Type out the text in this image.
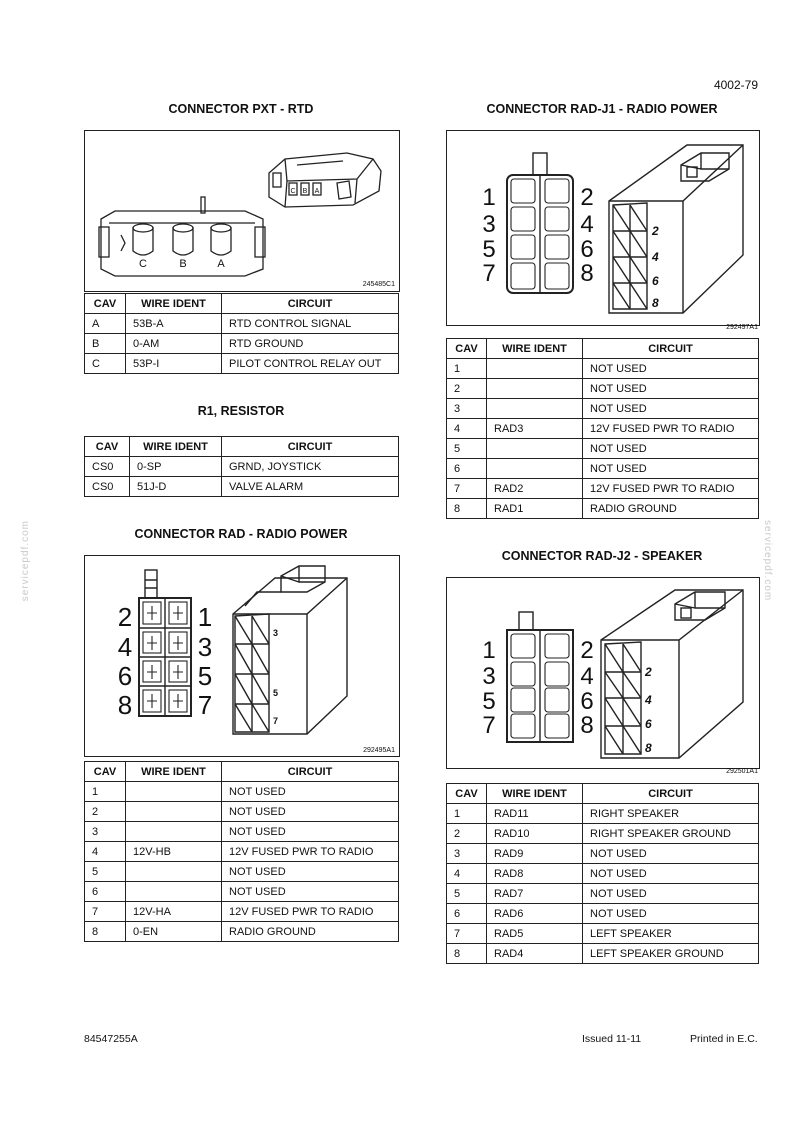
4002-79
servicepdf.com	servicepdf.com
CONNECTOR PXT - RTD
C	B	A
C B A
245485C1
CAV	WIRE IDENT	CIRCUIT
A	53B-A	RTD CONTROL SIGNAL
B	0-AM	RTD GROUND
C	53P-I	PILOT CONTROL RELAY OUT
R1, RESISTOR
CAV	WIRE IDENT	CIRCUIT
CS0	0-SP	GRND, JOYSTICK
CS0	51J-D	VALVE ALARM
CONNECTOR RAD - RADIO POWER
2
4
6
8
1
3
5
7
3
5
7
292495A1
CAV	WIRE IDENT	CIRCUIT
1		NOT USED
2		NOT USED
3		NOT USED
4	12V-HB	12V FUSED PWR TO RADIO
5		NOT USED
6		NOT USED
7	12V-HA	12V FUSED PWR TO RADIO
8	0-EN	RADIO GROUND
CONNECTOR RAD-J1 - RADIO POWER
1
3
5
7
2
4
6
8
2
4
6
8
292497A1
CAV	WIRE IDENT	CIRCUIT
1		NOT USED
2		NOT USED
3		NOT USED
4	RAD3	12V FUSED PWR TO RADIO
5		NOT USED
6		NOT USED
7	RAD2	12V FUSED PWR TO RADIO
8	RAD1	RADIO GROUND
CONNECTOR RAD-J2 - SPEAKER
1
3
5
7
2
4
6
8
2
4
6
8
292501A1
CAV	WIRE IDENT	CIRCUIT
1	RAD11	RIGHT SPEAKER
2	RAD10	RIGHT SPEAKER GROUND
3	RAD9	NOT USED
4	RAD8	NOT USED
5	RAD7	NOT USED
6	RAD6	NOT USED
7	RAD5	LEFT SPEAKER
8	RAD4	LEFT SPEAKER GROUND
84547255A	Issued 11-11	Printed in E.C.
